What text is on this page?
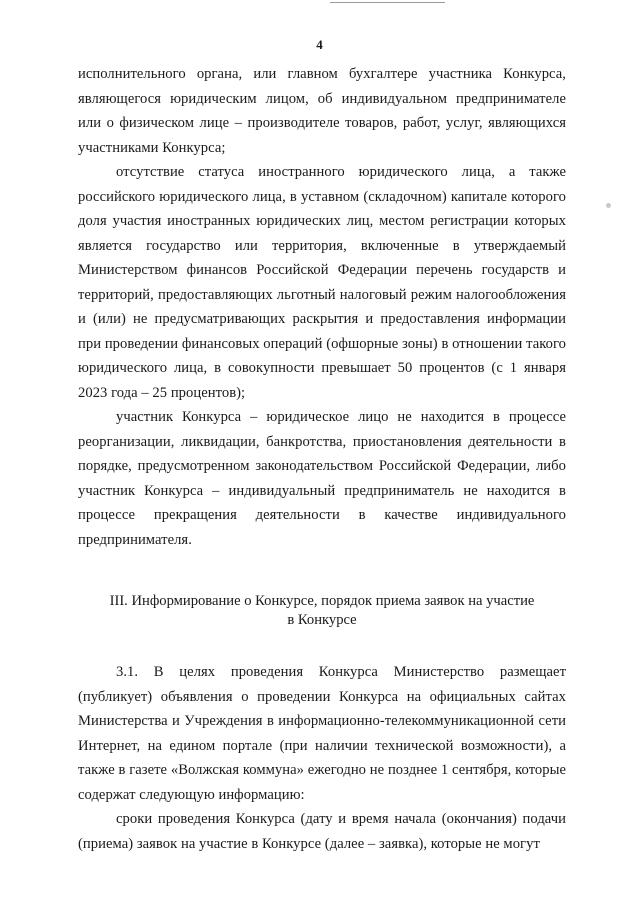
4

исполнительного органа, или главном бухгалтере участника Конкурса, являющегося юридическим лицом, об индивидуальном предпринимателе или о физическом лице – производителе товаров, работ, услуг, являющихся участниками Конкурса;

отсутствие статуса иностранного юридического лица, а также российского юридического лица, в уставном (складочном) капитале которого доля участия иностранных юридических лиц, местом регистрации которых является государство или территория, включенные в утверждаемый Министерством финансов Российской Федерации перечень государств и территорий, предоставляющих льготный налоговый режим налогообложения и (или) не предусматривающих раскрытия и предоставления информации при проведении финансовых операций (офшорные зоны) в отношении такого юридического лица, в совокупности превышает 50 процентов (с 1 января 2023 года – 25 процентов);

участник Конкурса – юридическое лицо не находится в процессе реорганизации, ликвидации, банкротства, приостановления деятельности в порядке, предусмотренном законодательством Российской Федерации, либо участник Конкурса – индивидуальный предприниматель не находится в процессе прекращения деятельности в качестве индивидуального предпринимателя.

III. Информирование о Конкурсе, порядок приема заявок на участие
в Конкурсе

3.1. В целях проведения Конкурса Министерство размещает (публикует) объявления о проведении Конкурса на официальных сайтах Министерства и Учреждения в информационно-телекоммуникационной сети Интернет, на едином портале (при наличии технической возможности), а также в газете «Волжская коммуна» ежегодно не позднее 1 сентября, которые содержат следующую информацию:

сроки проведения Конкурса (дату и время начала (окончания) подачи (приема) заявок на участие в Конкурсе (далее – заявка), которые не могут
